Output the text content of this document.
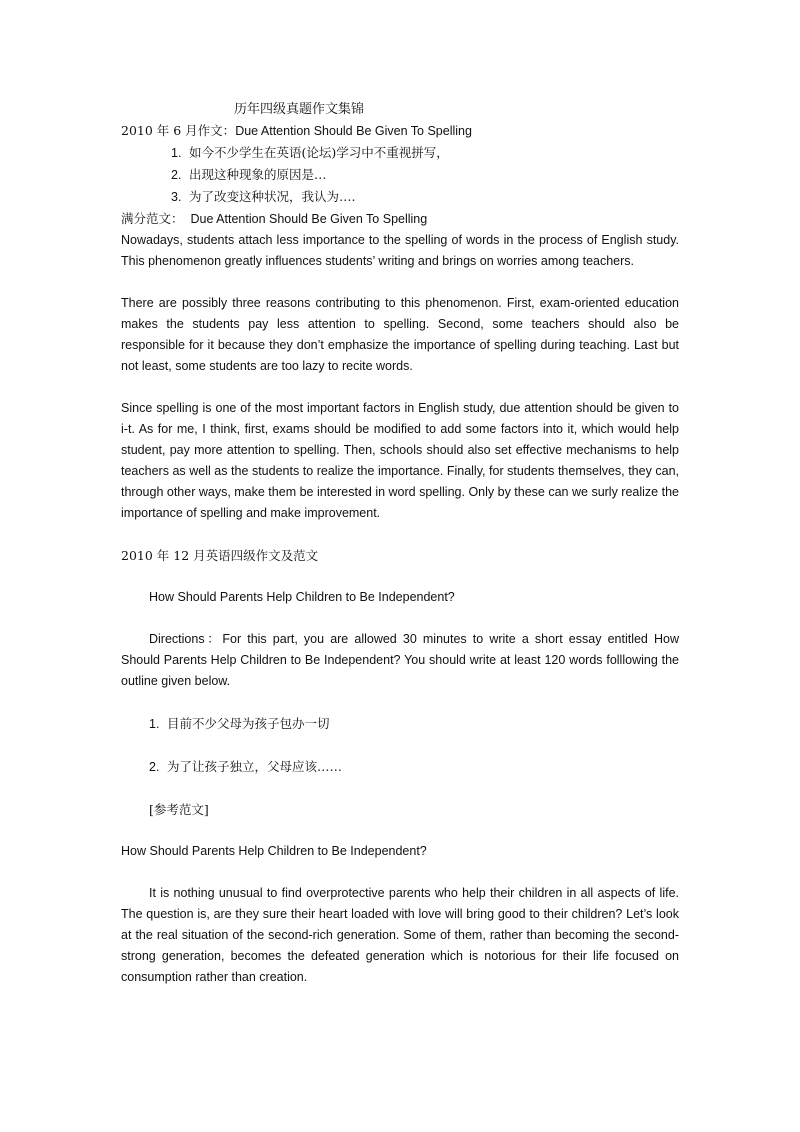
历年四级真题作文集锦
2010 年 6 月作文：Due Attention Should Be Given To Spelling
1. 如今不少学生在英语(论坛)学习中不重视拼写，
2. 出现这种现象的原因是…
3. 为了改变这种状况，我认为….
满分范文： Due Attention Should Be Given To Spelling
Nowadays, students attach less importance to the spelling of words in the process of English study. This phenomenon greatly influences students’ writing and brings on worries among teachers.
There are possibly three reasons contributing to this phenomenon. First, exam-oriented education makes the students pay less attention to spelling. Second, some teachers should also be responsible for it because they don’t emphasize the importance of spelling during teaching. Last but not least, some students are too lazy to recite words.
Since spelling is one of the most important factors in English study, due attention should be given to i-t. As for me, I think, first, exams should be modified to add some factors into it, which would help student, pay more attention to spelling. Then, schools should also set effective mechanisms to help teachers as well as the students to realize the importance. Finally, for students themselves, they can, through other ways, make them be interested in word spelling. Only by these can we surly realize the importance of spelling and make improvement.
2010 年 12 月英语四级作文及范文
How Should Parents Help Children to Be Independent?
Directions：For this part, you are allowed 30 minutes to write a short essay entitled How Should Parents Help Children to Be Independent? You should write at least 120 words folllowing the outline given below.
1. 目前不少父母为孩子包办一切
2. 为了让孩子独立，父母应该……
[参考范文]
How Should Parents Help Children to Be Independent?
It is nothing unusual to find overprotective parents who help their children in all aspects of life. The question is, are they sure their heart loaded with love will bring good to their children? Let’s look at the real situation of the second-rich generation. Some of them, rather than becoming the second-strong generation, becomes the defeated generation which is notorious for their life focused on consumption rather than creation.
